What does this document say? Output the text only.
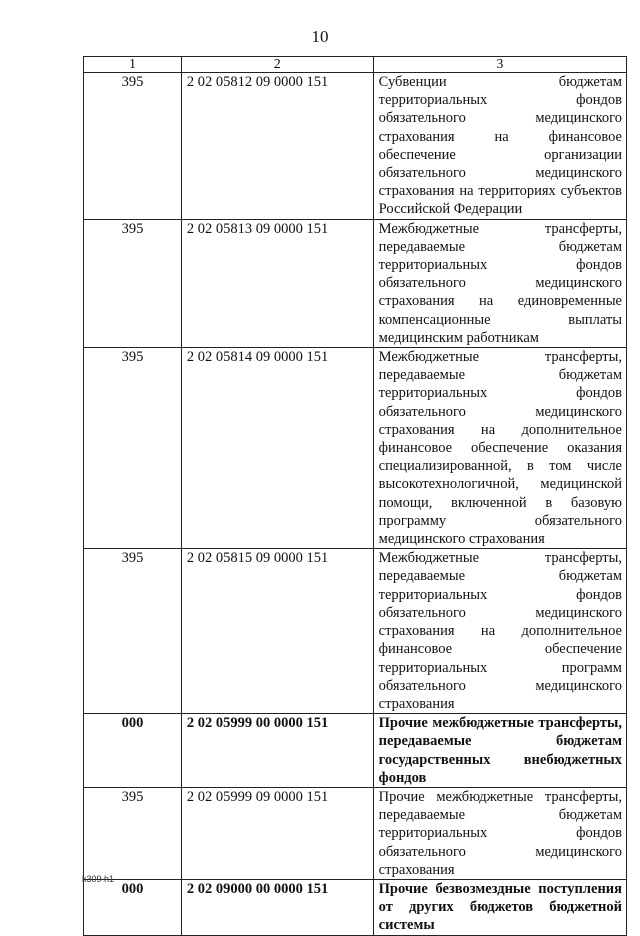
10
1	2	3
395	2 02 05812 09 0000 151	Субвенции бюджетам территориальных фондов обязательного медицинского страхования на финансовое обеспечение организации обязательного медицинского страхования на территориях субъектов Российской Федерации
395	2 02 05813 09 0000 151	Межбюджетные трансферты, передаваемые бюджетам территориальных фондов обязательного медицинского страхования на единовременные компенсационные выплаты медицинским работникам
395	2 02 05814 09 0000 151	Межбюджетные трансферты, передаваемые бюджетам территориальных фондов обязательного медицинского страхования на дополнительное финансовое обеспечение оказания специализированной, в том числе высокотехнологичной, медицинской помощи, включенной в базовую программу обязательного медицинского страхования
395	2 02 05815 09 0000 151	Межбюджетные трансферты, передаваемые бюджетам территориальных фондов обязательного медицинского страхования на дополнительное финансовое обеспечение территориальных программ обязательного медицинского страхования
000	2 02 05999 00 0000 151	Прочие межбюджетные трансферты, передаваемые бюджетам государственных внебюджетных фондов
395	2 02 05999 09 0000 151	Прочие межбюджетные трансферты, передаваемые бюджетам территориальных фондов обязательного медицинского страхования
000	2 02 09000 00 0000 151	Прочие безвозмездные поступления от других бюджетов бюджетной системы
k309 h1
